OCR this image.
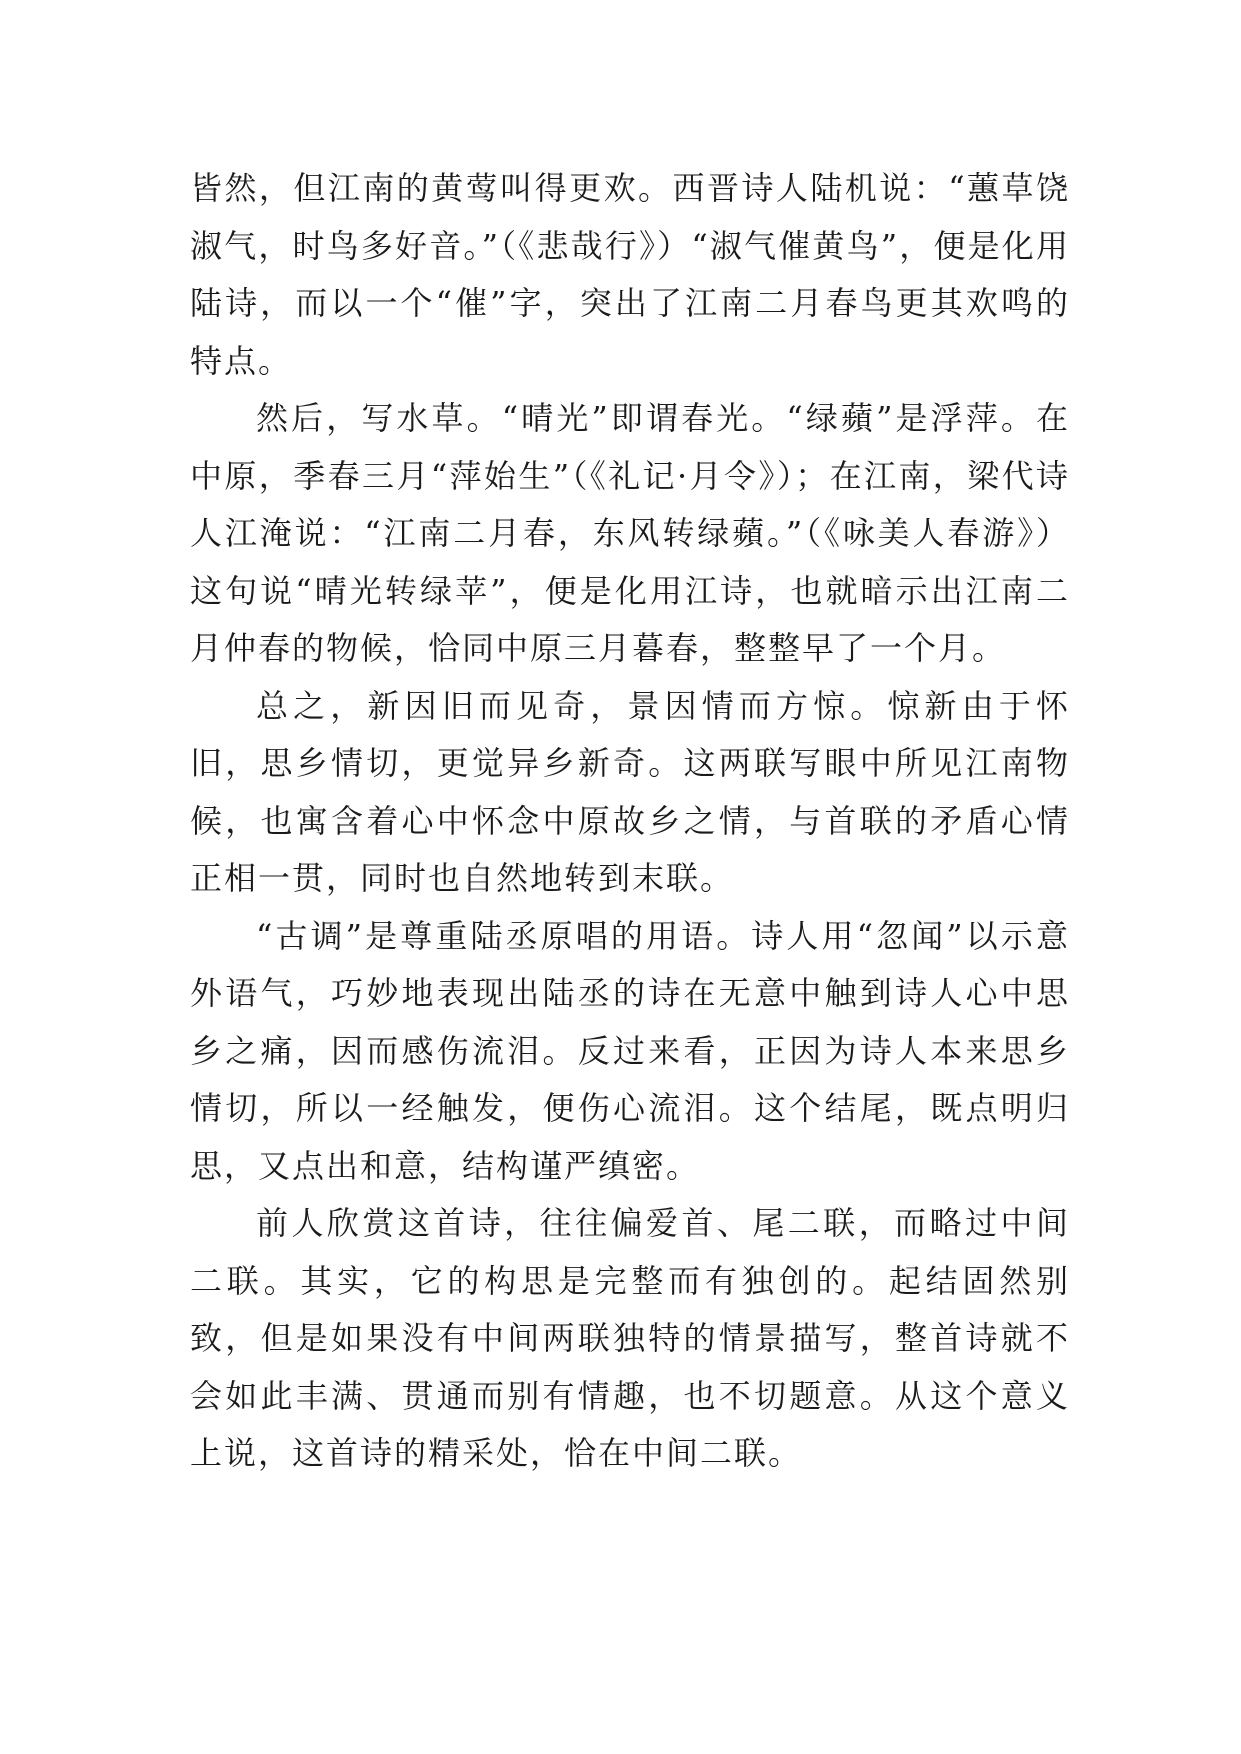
皆然，但江南的黄莺叫得更欢。西晋诗人陆机说：“蕙草饶淑气，时鸟多好音。”（《悲哉行》）“淑气催黄鸟”，便是化用陆诗，而以一个“催”字，突出了江南二月春鸟更其欢鸣的特点。

然后，写水草。“晴光”即谓春光。“绿蘋”是浮萍。在中原，季春三月“萍始生”（《礼记·月令》）；在江南，梁代诗人江淹说：“江南二月春，东风转绿蘋。”（《咏美人春游》）这句说“晴光转绿苹”，便是化用江诗，也就暗示出江南二月仲春的物候，恰同中原三月暮春，整整早了一个月。

总之，新因旧而见奇，景因情而方惊。惊新由于怀旧，思乡情切，更觉异乡新奇。这两联写眼中所见江南物候，也寓含着心中怀念中原故乡之情，与首联的矛盾心情正相一贯，同时也自然地转到末联。

“古调”是尊重陆丞原唱的用语。诗人用“忽闻”以示意外语气，巧妙地表现出陆丞的诗在无意中触到诗人心中思乡之痛，因而感伤流泪。反过来看，正因为诗人本来思乡情切，所以一经触发，便伤心流泪。这个结尾，既点明归思，又点出和意，结构谨严缜密。

前人欣赏这首诗，往往偏爱首、尾二联，而略过中间二联。其实，它的构思是完整而有独创的。起结固然别致，但是如果没有中间两联独特的情景描写，整首诗就不会如此丰满、贯通而别有情趣，也不切题意。从这个意义上说，这首诗的精采处，恰在中间二联。
